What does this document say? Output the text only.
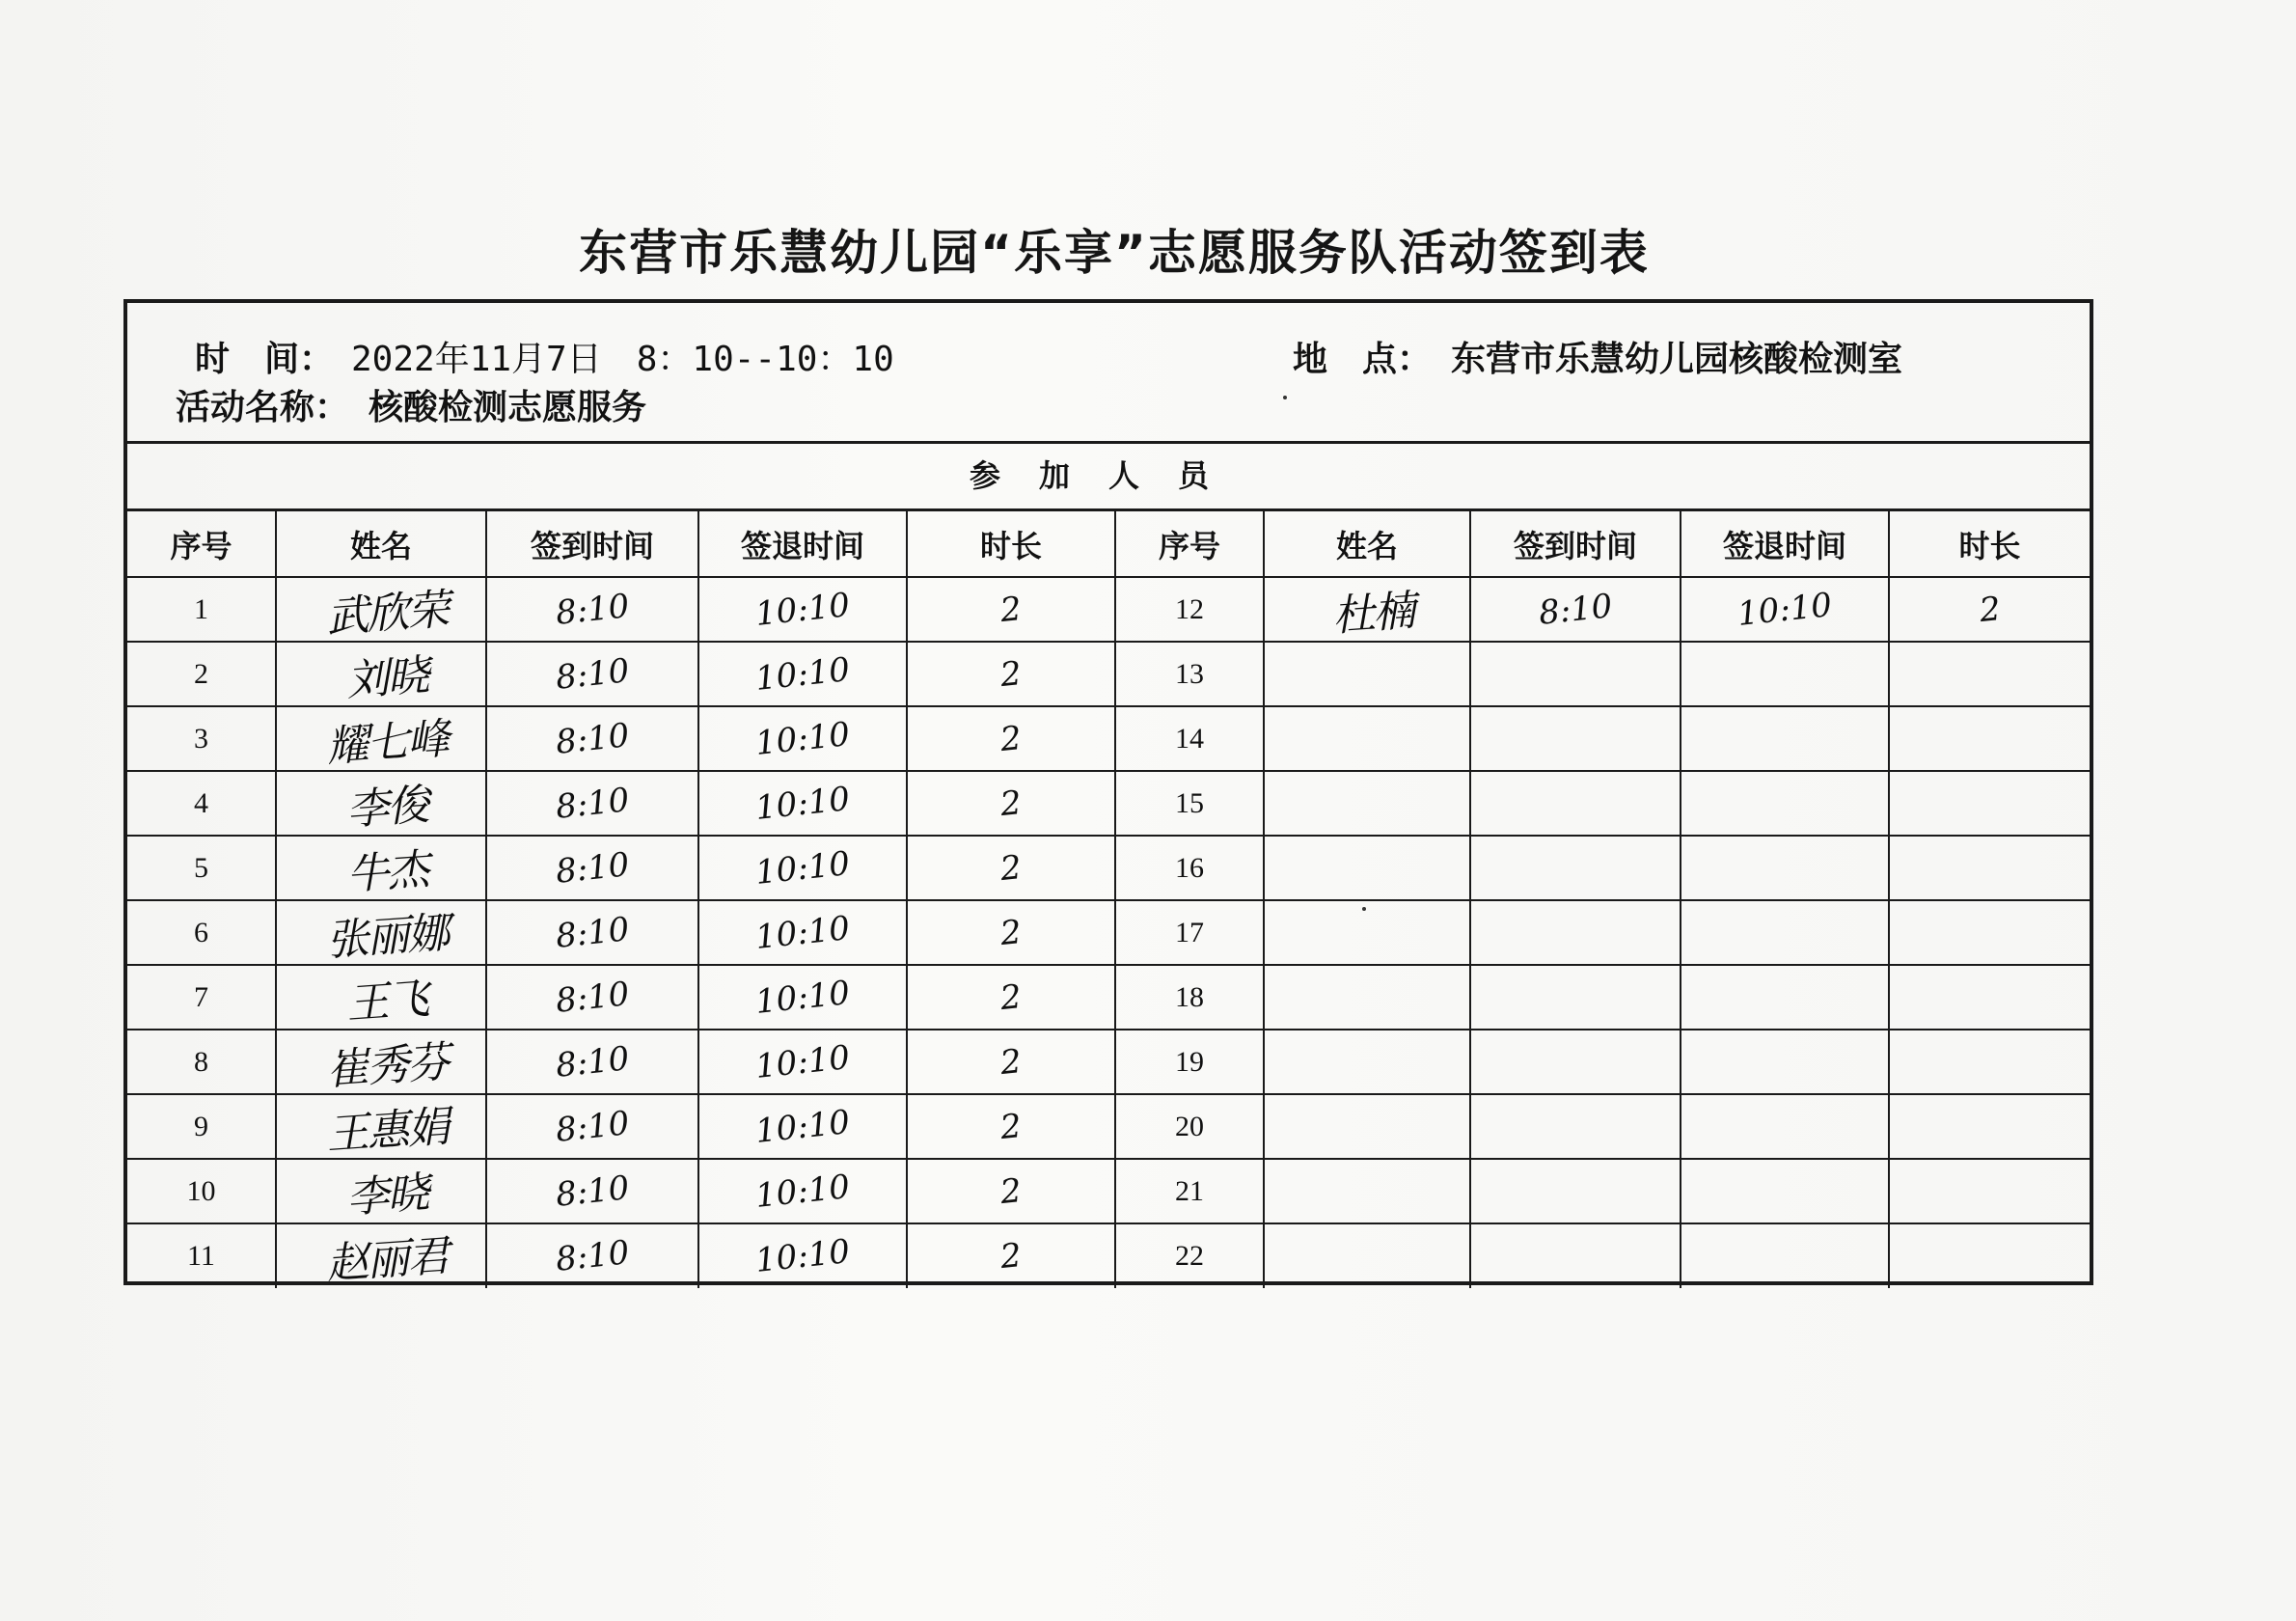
东营市乐慧幼儿园“乐享”志愿服务队活动签到表
时　间： 2022年11月7日　8：10--10：10	地　点： 东营市乐慧幼儿园核酸检测室
活动名称： 核酸检测志愿服务
参加人员
序号	姓名	签到时间	签退时间	时长	序号	姓名	签到时间	签退时间	时长
1	武欣荣	8:10	10:10	2	12	杜楠	8:10	10:10	2
2	刘晓	8:10	10:10	2	13				
3	耀七峰	8:10	10:10	2	14				
4	李俊	8:10	10:10	2	15				
5	牛杰	8:10	10:10	2	16				
6	张丽娜	8:10	10:10	2	17				
7	王飞	8:10	10:10	2	18				
8	崔秀芬	8:10	10:10	2	19				
9	王惠娟	8:10	10:10	2	20				
10	李晓	8:10	10:10	2	21				
11	赵丽君	8:10	10:10	2	22				
